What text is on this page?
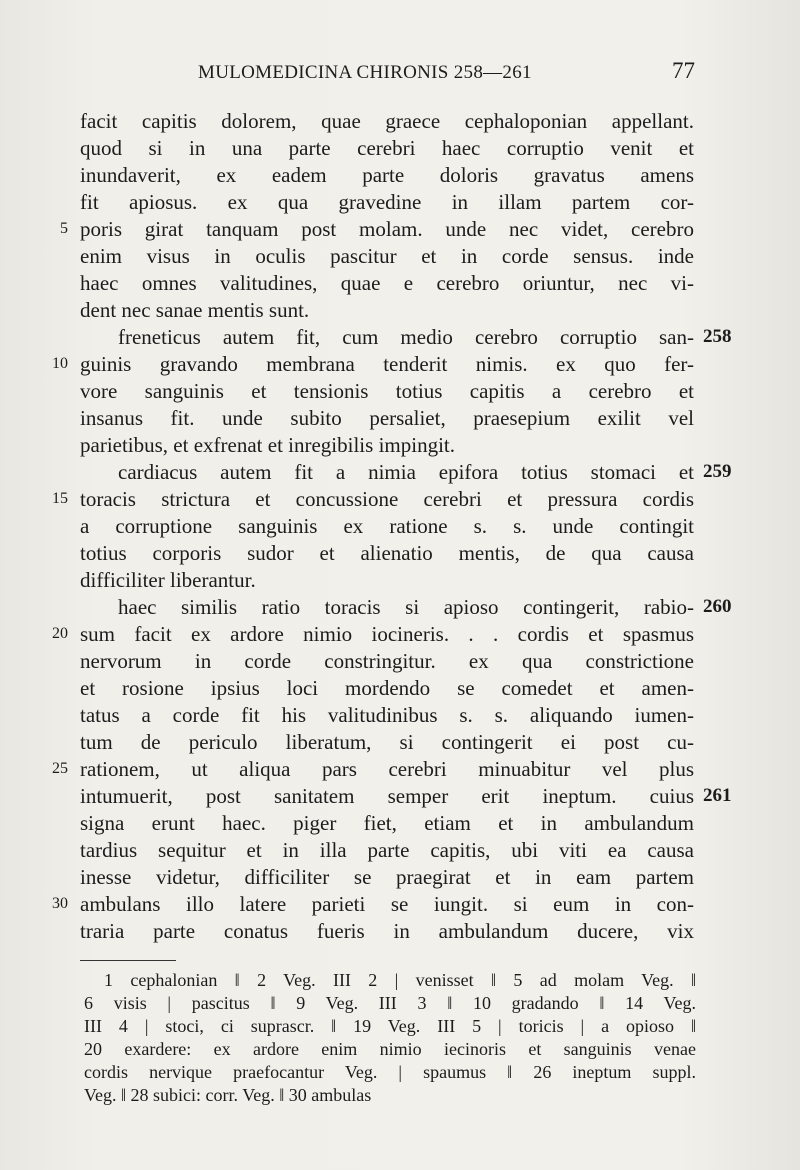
MULOMEDICINA CHIRONIS 258—261	77
facit capitis dolorem, quae graece cephaloponian appellant.
quod si in una parte cerebri haec corruptio venit et
inundaverit, ex eadem parte doloris gravatus amens
fit apiosus. ex qua gravedine in illam partem cor-
poris girat tanquam post molam. unde nec videt, cerebro
enim visus in oculis pascitur et in corde sensus. inde
haec omnes valitudines, quae e cerebro oriuntur, nec vi-
dent nec sanae mentis sunt.
freneticus autem fit, cum medio cerebro corruptio san-
guinis gravando membrana tenderit nimis. ex quo fer-
vore sanguinis et tensionis totius capitis a cerebro et
insanus fit. unde subito persaliet, praesepium exilit vel
parietibus, et exfrenat et inregibilis impingit.
cardiacus autem fit a nimia epifora totius stomaci et
toracis strictura et concussione cerebri et pressura cordis
a corruptione sanguinis ex ratione s. s. unde contingit
totius corporis sudor et alienatio mentis, de qua causa
difficiliter liberantur.
haec similis ratio toracis si apioso contingerit, rabio-
sum facit ex ardore nimio iocineris. . . cordis et spasmus
nervorum in corde constringitur. ex qua constrictione
et rosione ipsius loci mordendo se comedet et amen-
tatus a corde fit his valitudinibus s. s. aliquando iumen-
tum de periculo liberatum, si contingerit ei post cu-
rationem, ut aliqua pars cerebri minuabitur vel plus
intumuerit, post sanitatem semper erit ineptum. cuius
signa erunt haec. piger fiet, etiam et in ambulandum
tardius sequitur et in illa parte capitis, ubi viti ea causa
inesse videtur, difficiliter se praegirat et in eam partem
ambulans illo latere parieti se iungit. si eum in con-
traria parte conatus fueris in ambulandum ducere, vix
5
10
15
20
25
30
258
259
260
261
1 cephalonian ‖ 2 Veg. III 2 | venisset ‖ 5 ad molam Veg. ‖
6 visis | pascitus ‖ 9 Veg. III 3 ‖ 10 gradando ‖ 14 Veg.
III 4 | stoci, ci suprascr. ‖ 19 Veg. III 5 | toricis | a opioso ‖
20 exardere: ex ardore enim nimio iecinoris et sanguinis venae
cordis nervique praefocantur Veg. | spaumus ‖ 26 ineptum suppl.
Veg. ‖ 28 subici: corr. Veg. ‖ 30 ambulas
